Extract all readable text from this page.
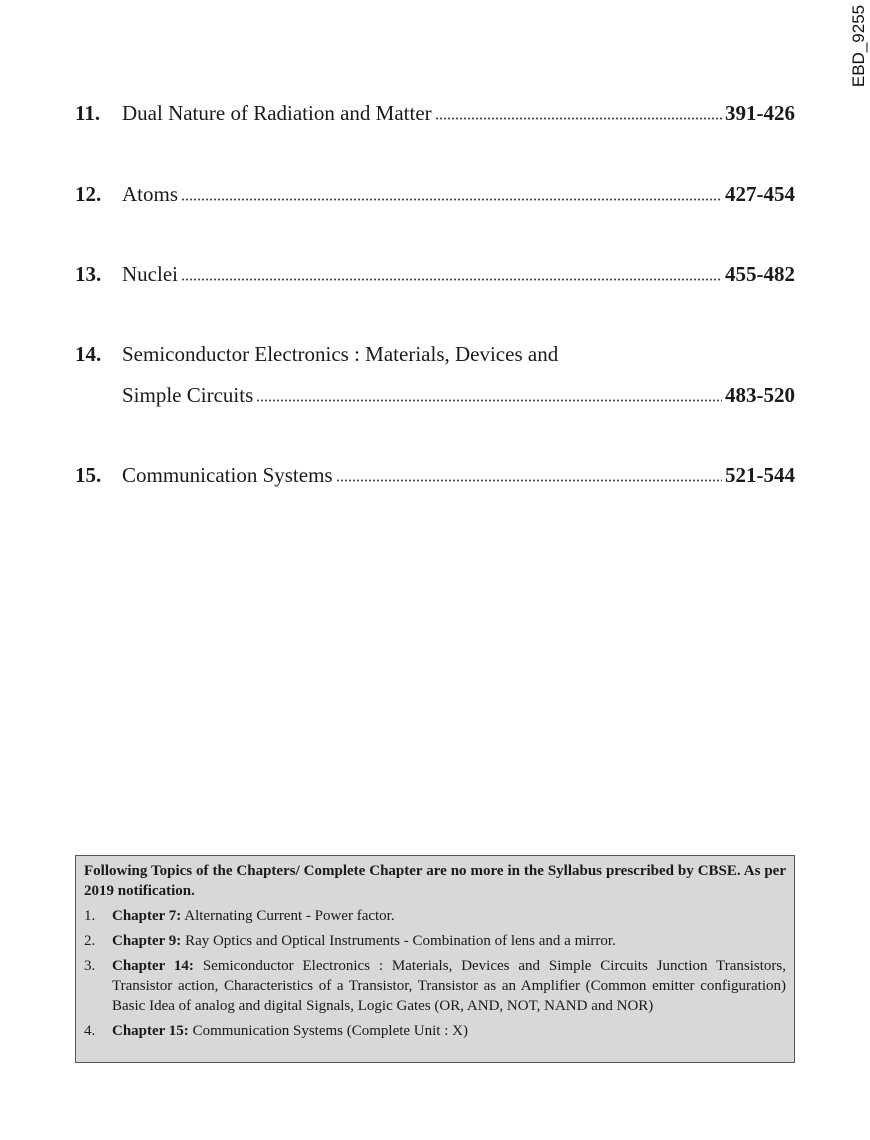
EBD_9255
11. Dual Nature of Radiation and Matter	391-426
12. Atoms	427-454
13. Nuclei	455-482
14. Semiconductor Electronics : Materials, Devices and
Simple Circuits	483-520
15. Communication Systems	521-544
Following Topics of the Chapters/ Complete Chapter are no more in the Syllabus prescribed by CBSE. As per 2019 notification.
1. Chapter 7: Alternating Current - Power factor.
2. Chapter 9: Ray Optics and Optical Instruments - Combination of lens and a mirror.
3. Chapter 14: Semiconductor Electronics : Materials, Devices and Simple Circuits Junction Transistors, Transistor action, Characteristics of a Transistor, Transistor as an Amplifier (Common emitter configuration) Basic Idea of analog and digital Signals, Logic Gates (OR, AND, NOT, NAND and NOR)
4. Chapter 15: Communication Systems (Complete Unit : X)
